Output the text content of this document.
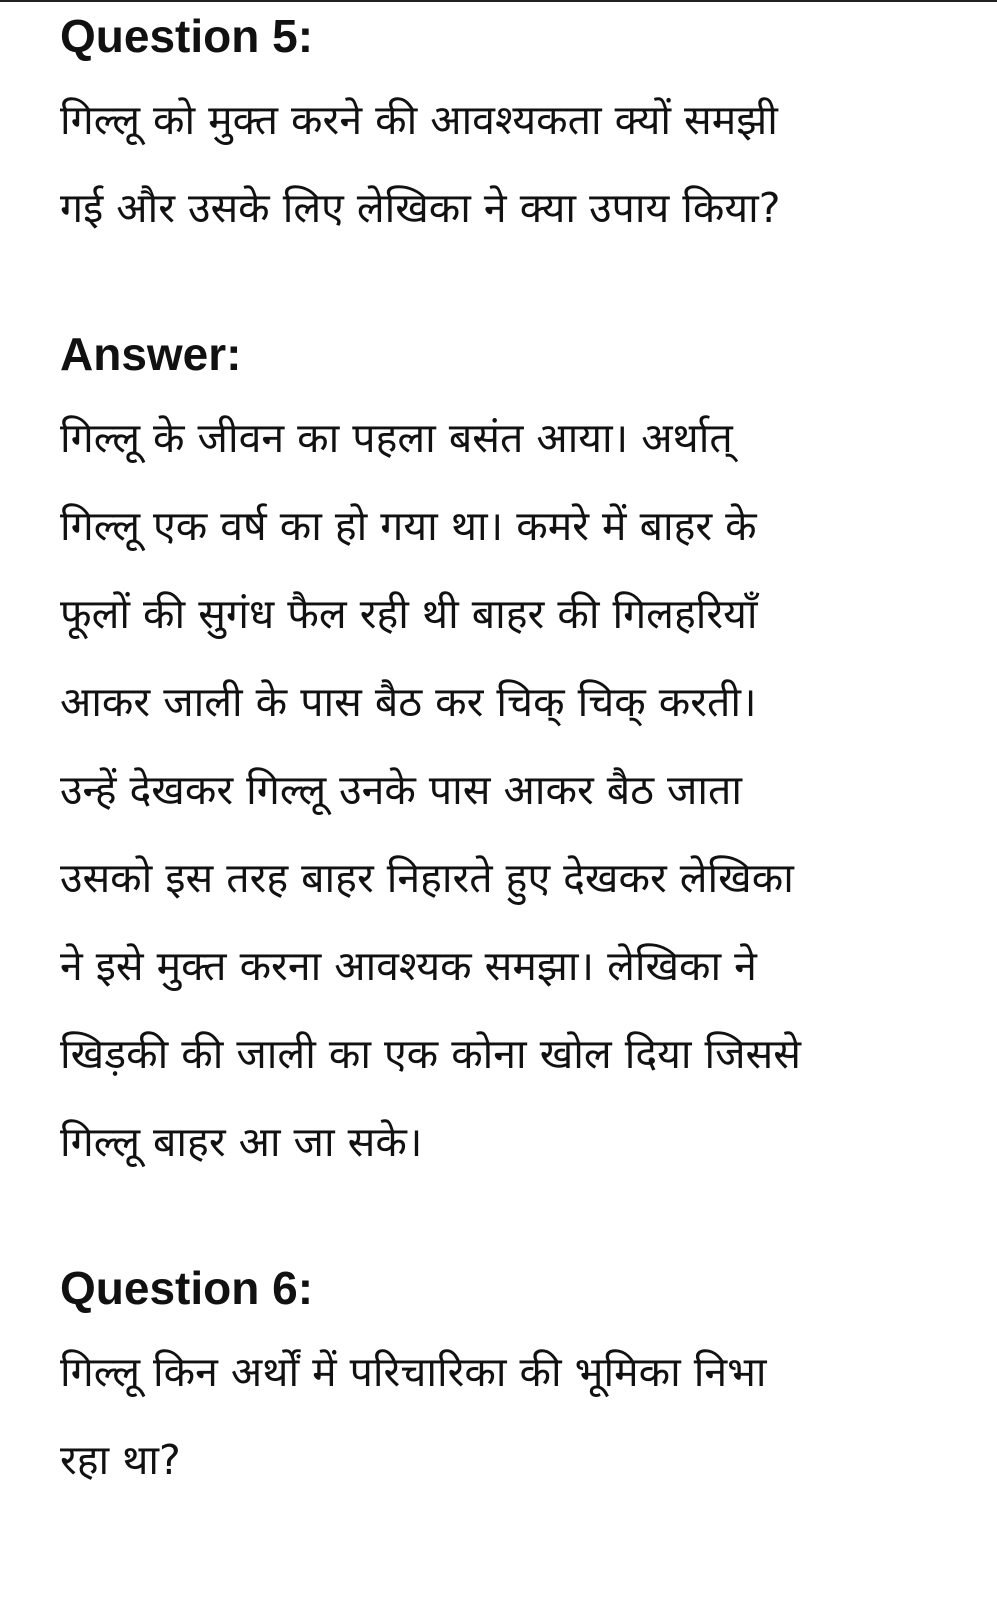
Question 5:

गिल्लू को मुक्त करने की आवश्यकता क्यों समझी

गई और उसके लिए लेखिका ने क्या उपाय किया?

Answer:

गिल्लू के जीवन का पहला बसंत आया। अर्थात्

गिल्लू एक वर्ष का हो गया था। कमरे में बाहर के

फूलों की सुगंध फैल रही थी बाहर की गिलहरियाँ

आकर जाली के पास बैठ कर चिक् चिक् करती।

उन्हें देखकर गिल्लू उनके पास आकर बैठ जाता

उसको इस तरह बाहर निहारते हुए देखकर लेखिका

ने इसे मुक्त करना आवश्यक समझा। लेखिका ने

खिड़की की जाली का एक कोना खोल दिया जिससे

गिल्लू बाहर आ जा सके।

Question 6:

गिल्लू किन अर्थों में परिचारिका की भूमिका निभा

रहा था?
